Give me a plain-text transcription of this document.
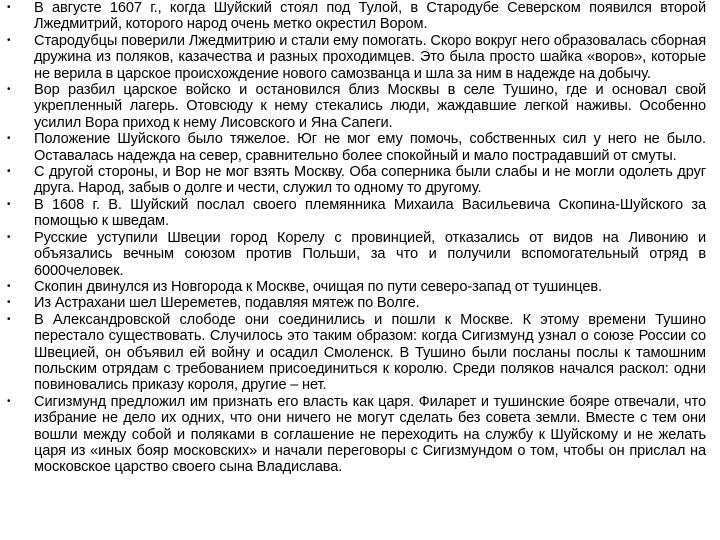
• В августе 1607 г., когда Шуйский стоял под Тулой, в Стародубе Северском появился второй Лжедмитрий, которого народ очень метко окрестил Вором.
• Стародубцы поверили Лжедмитрию и стали ему помогать. Скоро вокруг него образовалась сборная дружина из поляков, казачества и разных проходимцев. Это была просто шайка «воров», которые не верила в царское происхождение нового самозванца и шла за ним в надежде на добычу.
• Вор разбил царское войско и остановился близ Москвы в селе Тушино, где и основал свой укрепленный лагерь. Отовсюду к нему стекались люди, жаждавшие легкой наживы. Особенно усилил Вора приход к нему Лисовского и Яна Сапеги.
• Положение Шуйского было тяжелое. Юг не мог ему помочь, собственных сил у него не было. Оставалась надежда на север, сравнительно более спокойный и мало пострадавший от смуты.
• С другой стороны, и Вор не мог взять Москву. Оба соперника были слабы и не могли одолеть друг друга. Народ, забыв о долге и чести, служил то одному то другому.
• В 1608 г. В. Шуйский послал своего племянника Михаила Васильевича Скопина-Шуйского за помощью к шведам.
• Русские уступили Швеции город Корелу с провинцией, отказались от видов на Ливонию и объязались вечным союзом против Польши, за что и получили вспомогательный отряд в 6000человек.
• Скопин двинулся из Новгорода к Москве, очищая по пути северо-запад от тушинцев.
• Из Астрахани шел Шереметев, подавляя мятеж по Волге.
• В Александровской слободе они соединились и пошли к Москве. К этому времени Тушино перестало существовать. Случилось это таким образом: когда Сигизмунд узнал о союзе России со Швецией, он объявил ей войну и осадил Смоленск. В Тушино были посланы послы к тамошним польским отрядам с требованием присоединиться к королю. Среди поляков начался раскол: одни повиновались приказу короля, другие – нет.
• Сигизмунд предложил им признать его власть как царя. Филарет и тушинские бояре отвечали, что избрание не дело их одних, что они ничего не могут сделать без совета земли. Вместе с тем они вошли между собой и поляками в соглашение не переходить на службу к Шуйскому и не желать царя из «иных бояр московских» и начали переговоры с Сигизмундом о том, чтобы он прислал на московское царство своего сына Владислава.
